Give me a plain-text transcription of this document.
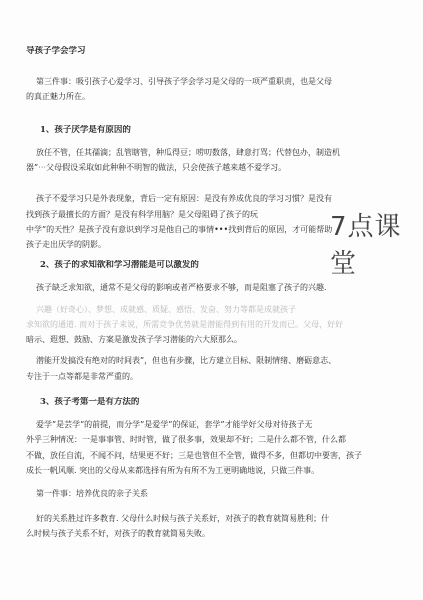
导孩子学会学习
第三件事：吸引孩子心爱学习、引导孩子学会学习是父母的一项严重职责，也是父母
的真正魅力所在。
1、孩子厌学是有原因的
放任不管，任其孺滴；乱管瞎管，种瓜得豆；唠叨数落，肆意打骂；代替包办，制造机
器”⋯父母假设采取如此种种不明智的做法，只会使孩子越来越不爱学习。
孩子不爱学习只是外表现象，背后一定有原因：是没有养成优良的学习习惯？是没有
找到孩子最擅长的方面？是没有科学用脑？是父母阻碍了孩子的玩
中学”的天性？是孩子没有意识到学习是他自己的事情•••找到背后的原因，才可能帮助
孩子走出厌学的阴影。
2、孩子的求知欲和学习潜能是可以激发的
孩子缺乏求知欲，通常不是父母的影响或者严格要求不够，而是阻塞了孩子的兴趣.
兴趣（好奇心）、梦想、成就感、质疑、感悟、发奋、努力等都是成就孩子
求知欲的通道. 而对于孩子来说，所需竞争优势就是潜能得到有用的开发而已。父母，好好
暗示、遐想、鼓励、方案是激发孩子学习潜能的六大原那么。
潜能开发搞没有绝对的时间表”，但也有步骤，比方建立目标、限制情绪、磨砺意志、
专注于一点等都是非常严重的。
3、孩子考第一是有方法的
爱学”是芸学”的前提，而分学”是爱学”的保证，套学”才能学好父母对待孩子无
外乎三种情况：一是事事管、时时管，做了很多事，效果却不好；二是什么都不管，什么都
不做，放任自流，不闻不问，结果更不好；三是也管但不全管，做得不多，但都切中要害，孩子
成长一帆风顺. 突出的父母从来都选择有所为有所不为工更明确地说，只做三件事。
第一件事：培养优良的亲子关系
好的关系胜过许多教育. 父母什么时候与孩子关系好，对孩子的教育就简易胜利；什
么时候与孩子关系不好，对孩子的教育就简易失败。
7点课堂
